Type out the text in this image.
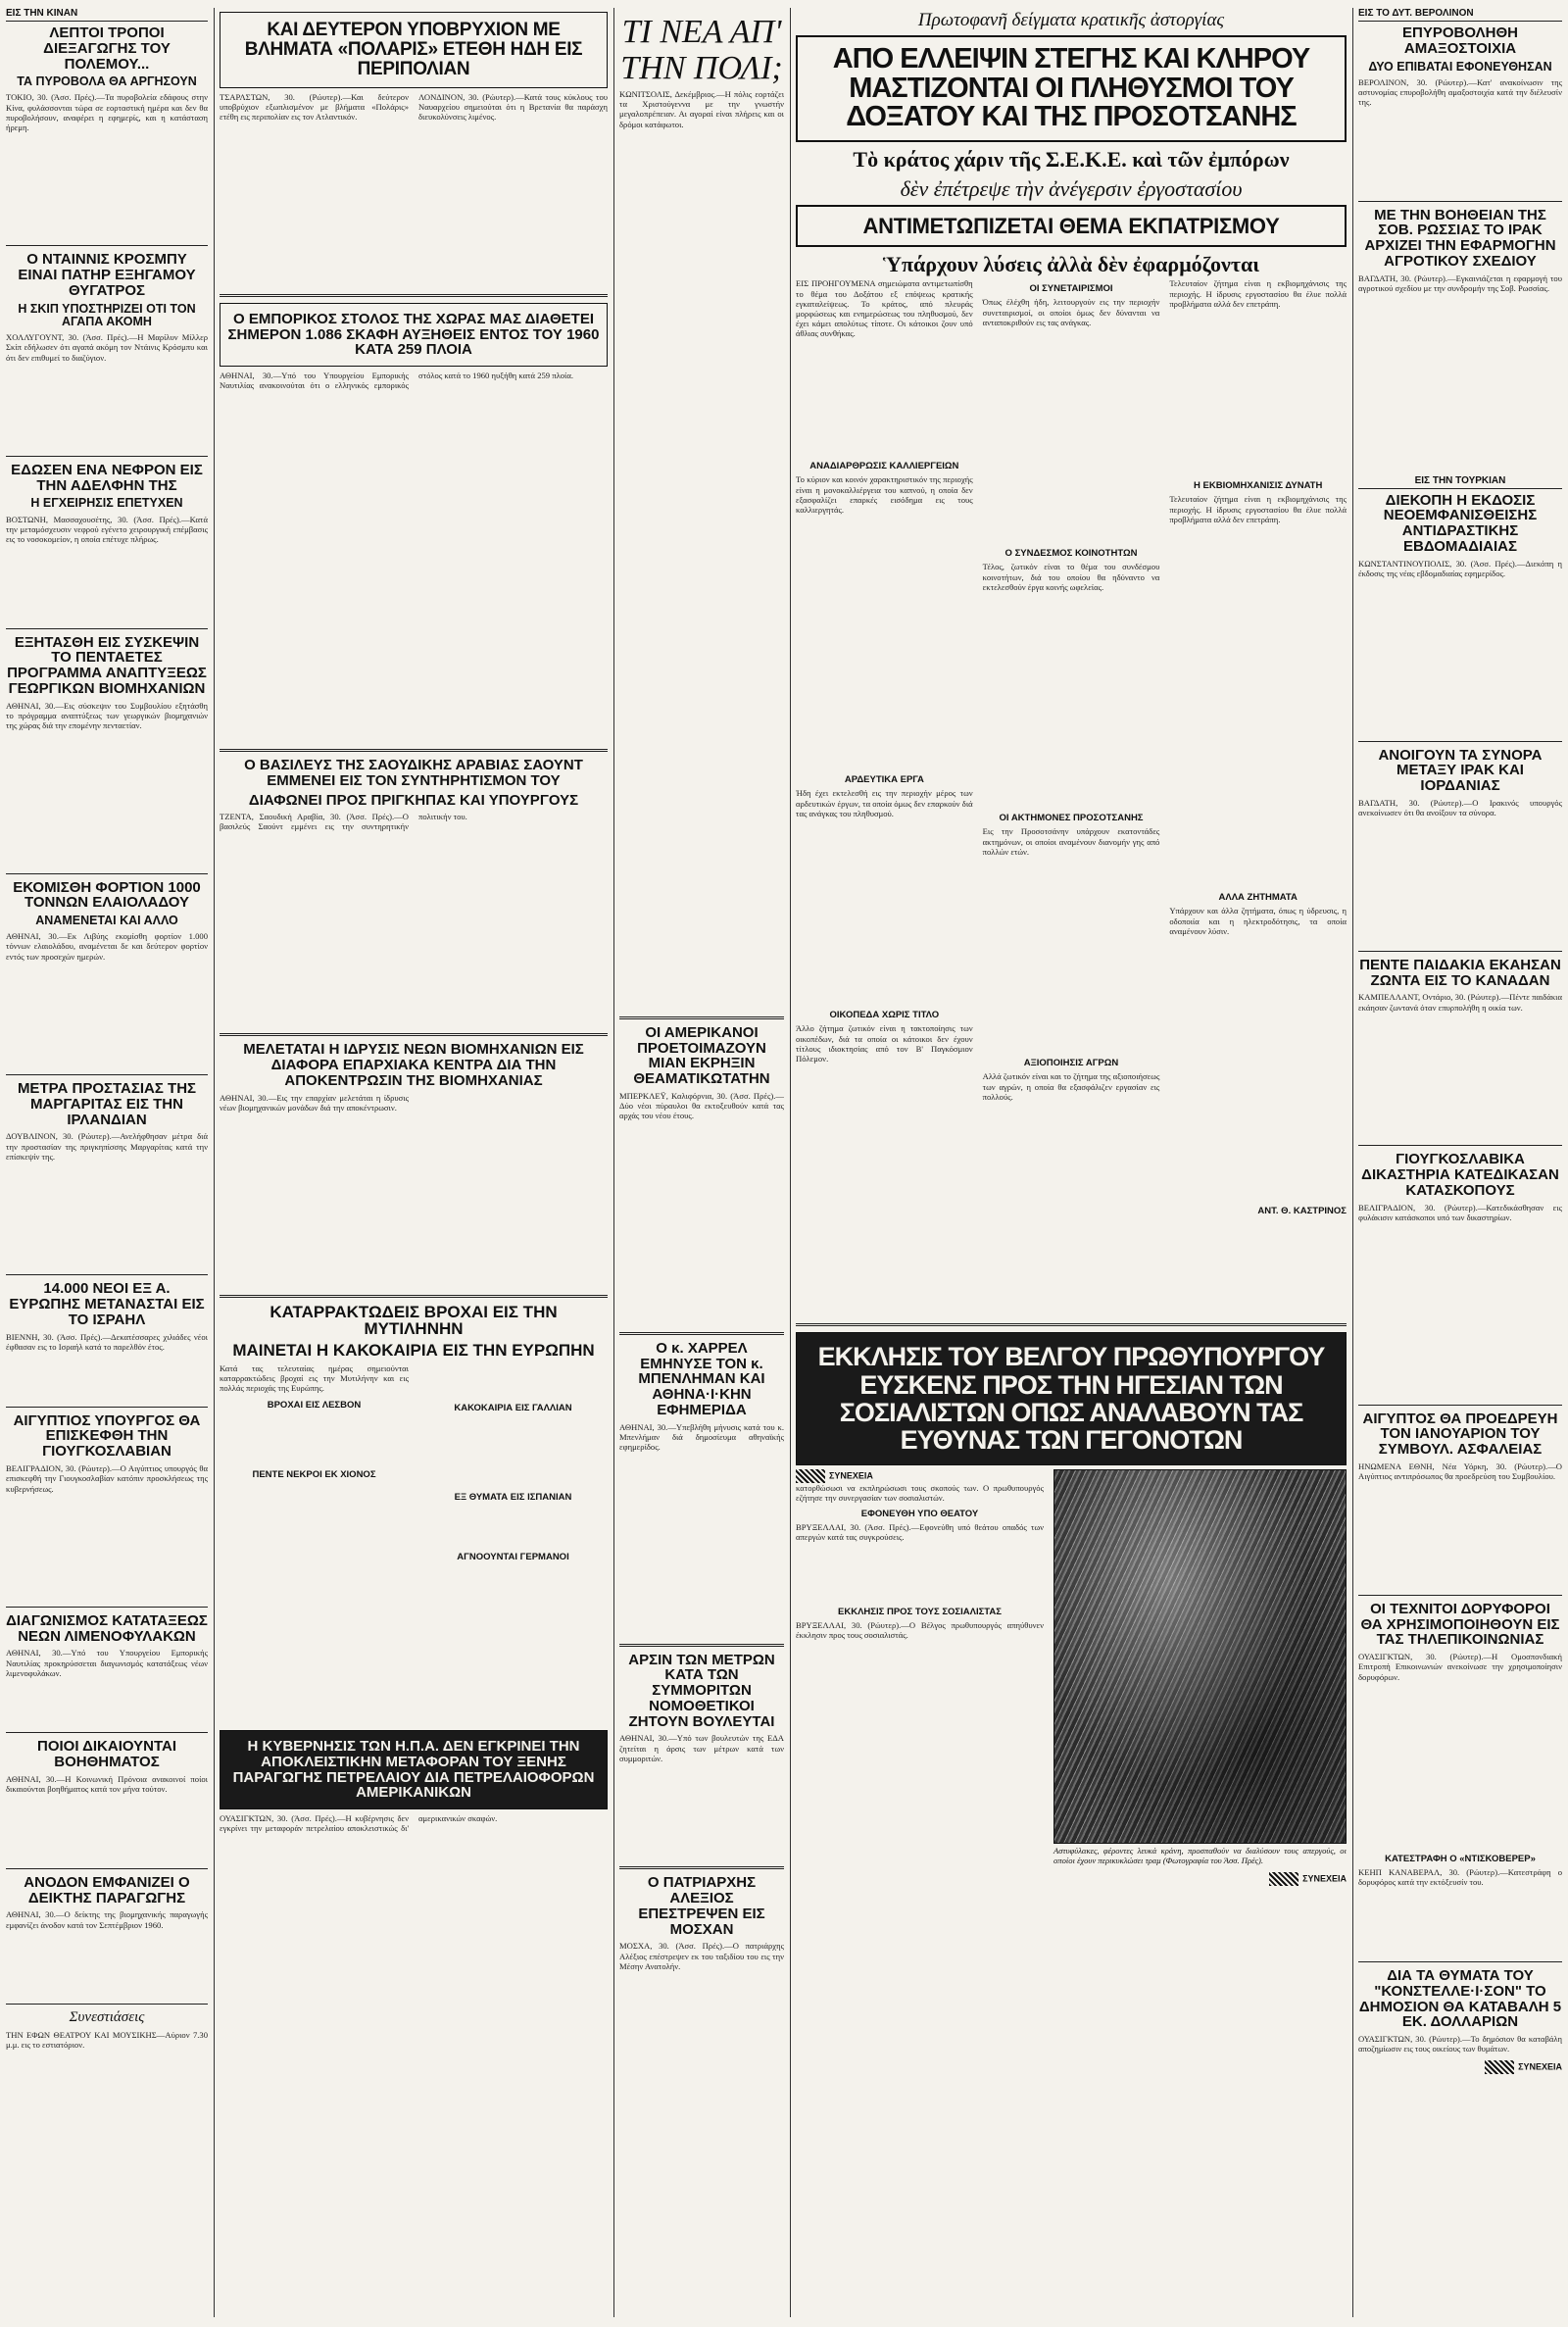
ΕΙΣ ΤΗΝ ΚΙΝΑΝ
ΛΕΠΤΟΙ ΤΡΟΠΟΙ ΔΙΕΞΑΓΩΓΗΣ ΤΟΥ ΠΟΛΕΜΟΥ...
ΤΑ ΠΥΡΟΒΟΛΑ ΘΑ ΑΡΓΗΣΟΥΝ

ΤΟΚΙΟ, 30. (Άσσ. Πρές).—Τα πυροβολεία εδάφους στην Κίνα, φυλάσσονται τώρα σε εορταστική ημέρα και δεν θα πυροβολήσουν, αναφέρει η εφημερίς, και η κατάσταση ήρεμη.

Ο ΝΤΑΙΝΝΙΣ ΚΡΟΣΜΠΥ ΕΙΝΑΙ ΠΑΤΗΡ ΕΞΗΓΑΜΟΥ ΘΥΓΑΤΡΟΣ
Η ΣΚΙΠ ΥΠΟΣΤΗΡΙΖΕΙ ΟΤΙ ΤΟΝ ΑΓΑΠΑ ΑΚΟΜΗ

ΧΟΛΛΥΓΟΥΝΤ, 30. (Άσσ. Πρές).—Η Μαρίλυν Μίλλερ Σκίπ εδήλωσεν ότι αγαπά ακόμη τον Ντάινις Κρόσμπυ και ότι δεν επιθυμεί το διαζύγιον.

ΕΔΩΣΕΝ ΕΝΑ ΝΕΦΡΟΝ ΕΙΣ ΤΗΝ ΑΔΕΛΦΗΝ ΤΗΣ
Η ΕΓΧΕΙΡΗΣΙΣ ΕΠΕΤΥΧΕΝ

ΒΟΣΤΩΝΗ, Μασσαχουσέτης, 30. (Άσσ. Πρές).—Κατά την μεταμόσχευσιν νεφρού εγένετο χειρουργική επέμβασις εις το νοσοκομείον, η οποία επέτυχε πλήρως.

ΕΞΗΤΑΣΘΗ ΕΙΣ ΣΥΣΚΕΨΙΝ ΤΟ ΠΕΝΤΑΕΤΕΣ ΠΡΟΓΡΑΜΜΑ ΑΝΑΠΤΥΞΕΩΣ ΓΕΩΡΓΙΚΩΝ ΒΙΟΜΗΧΑΝΙΩΝ

ΑΘΗΝΑΙ, 30.—Εις σύσκεψιν του Συμβουλίου εξητάσθη το πρόγραμμα αναπτύξεως των γεωργικών βιομηχανιών της χώρας διά την επομένην πενταετίαν.

ΕΚΟΜΙΣΘΗ ΦΟΡΤΙΟΝ 1000 ΤΟΝΝΩΝ ΕΛΑΙΟΛΑΔΟΥ
ΑΝΑΜΕΝΕΤΑΙ ΚΑΙ ΑΛΛΟ

ΑΘΗΝΑΙ, 30.—Εκ Λιβύης εκομίσθη φορτίον 1.000 τόννων ελαιολάδου, αναμένεται δε και δεύτερον φορτίον εντός των προσεχών ημερών.

ΜΕΤΡΑ ΠΡΟΣΤΑΣΙΑΣ ΤΗΣ ΜΑΡΓΑΡΙΤΑΣ ΕΙΣ ΤΗΝ ΙΡΛΑΝΔΙΑΝ

ΔΟΥΒΛΙΝΟΝ, 30. (Ρώυτερ).—Ανελήφθησαν μέτρα διά την προστασίαν της πριγκηπίσσης Μαργαρίτας κατά την επίσκεψίν της.

14.000 ΝΕΟΙ ΕΞ Α. ΕΥΡΩΠΗΣ ΜΕΤΑΝΑΣΤΑΙ ΕΙΣ ΤΟ ΙΣΡΑΗΛ

ΒΙΕΝΝΗ, 30. (Άσσ. Πρές).—Δεκατέσσαρες χιλιάδες νέοι έφθασαν εις το Ισραήλ κατά το παρελθόν έτος.

ΑΙΓΥΠΤΙΟΣ ΥΠΟΥΡΓΟΣ ΘΑ ΕΠΙΣΚΕΦΘΗ ΤΗΝ ΓΙΟΥΓΚΟΣΛΑΒΙΑΝ

ΒΕΛΙΓΡΑΔΙΟΝ, 30. (Ρώυτερ).—Ο Αιγύπτιος υπουργός θα επισκεφθή την Γιουγκοσλαβίαν κατόπιν προσκλήσεως της κυβερνήσεως.

ΔΙΑΓΩΝΙΣΜΟΣ ΚΑΤΑΤΑΞΕΩΣ ΝΕΩΝ ΛΙΜΕΝΟΦΥΛΑΚΩΝ

ΑΘΗΝΑΙ, 30.—Υπό του Υπουργείου Εμπορικής Ναυτιλίας προκηρύσσεται διαγωνισμός κατατάξεως νέων λιμενοφυλάκων.

ΠΟΙΟΙ ΔΙΚΑΙΟΥΝΤΑΙ ΒΟΗΘΗΜΑΤΟΣ

ΑΘΗΝΑΙ, 30.—Η Κοινωνική Πρόνοια ανακοινοί ποίοι δικαιούνται βοηθήματος κατά τον μήνα τούτον.

ΑΝΟΔΟΝ ΕΜΦΑΝΙΖΕΙ Ο ΔΕΙΚΤΗΣ ΠΑΡΑΓΩΓΗΣ

ΑΘΗΝΑΙ, 30.—Ο δείκτης της βιομηχανικής παραγωγής εμφανίζει άνοδον κατά τον Σεπτέμβριον 1960.

Συνεστιάσεις

ΤΗΝ ΕΦΩΝ ΘΕΑΤΡΟΥ ΚΑΙ ΜΟΥΣΙΚΗΣ—Αύριον 7.30 μ.μ. εις το εστιατόριον.

ΚΑΙ ΔΕΥΤΕΡΟΝ ΥΠΟΒΡΥΧΙΟΝ ΜΕ ΒΛΗΜΑΤΑ «ΠΟΛΑΡΙΣ» ΕΤΕΘΗ ΗΔΗ ΕΙΣ ΠΕΡΙΠΟΛΙΑΝ

ΤΣΑΡΛΣΤΩΝ, 30. (Ρώυτερ).—Και δεύτερον υποβρύχιον εξωπλισμένον με βλήματα «Πολάρις» ετέθη εις περιπολίαν εις τον Ατλαντικόν.

ΛΟΝΔΙΝΟΝ, 30. (Ρώυτερ).—Κατά τους κύκλους του Ναυαρχείου σημειούται ότι η Βρετανία θα παράσχη διευκολύνσεις λιμένος.

Ο ΕΜΠΟΡΙΚΟΣ ΣΤΟΛΟΣ ΤΗΣ ΧΩΡΑΣ ΜΑΣ ΔΙΑΘΕΤΕΙ ΣΗΜΕΡΟΝ 1.086 ΣΚΑΦΗ ΑΥΞΗΘΕΙΣ ΕΝΤΟΣ ΤΟΥ 1960 ΚΑΤΑ 259 ΠΛΟΙΑ

ΑΘΗΝΑΙ, 30.—Υπό του Υπουργείου Εμπορικής Ναυτιλίας ανακοινούται ότι ο ελληνικός εμπορικός στόλος κατά το 1960 ηυξήθη κατά 259 πλοία.

Ο ΒΑΣΙΛΕΥΣ ΤΗΣ ΣΑΟΥΔΙΚΗΣ ΑΡΑΒΙΑΣ ΣΑΟΥΝΤ ΕΜΜΕΝΕΙ ΕΙΣ ΤΟΝ ΣΥΝΤΗΡΗΤΙΣΜΟΝ ΤΟΥ
ΔΙΑΦΩΝΕΙ ΠΡΟΣ ΠΡΙΓΚΗΠΑΣ ΚΑΙ ΥΠΟΥΡΓΟΥΣ

ΤΖΕΝΤΑ, Σαουδική Αραβία, 30. (Άσσ. Πρές).—Ο βασιλεύς Σαούντ εμμένει εις την συντηρητικήν πολιτικήν του.

ΜΕΛΕΤΑΤΑΙ Η ΙΔΡΥΣΙΣ ΝΕΩΝ ΒΙΟΜΗΧΑΝΙΩΝ ΕΙΣ ΔΙΑΦΟΡΑ ΕΠΑΡΧΙΑΚΑ ΚΕΝΤΡΑ ΔΙΑ ΤΗΝ ΑΠΟΚΕΝΤΡΩΣΙΝ ΤΗΣ ΒΙΟΜΗΧΑΝΙΑΣ

ΑΘΗΝΑΙ, 30.—Εις την επαρχίαν μελετάται η ίδρυσις νέων βιομηχανικών μονάδων διά την αποκέντρωσιν.

ΚΑΤΑΡΡΑΚΤΩΔΕΙΣ ΒΡΟΧΑΙ ΕΙΣ ΤΗΝ ΜΥΤΙΛΗΝΗΝ
ΜΑΙΝΕΤΑΙ Η ΚΑΚΟΚΑΙΡΙΑ ΕΙΣ ΤΗΝ ΕΥΡΩΠΗΝ

Κατά τας τελευταίας ημέρας σημειούνται καταρρακτώδεις βροχαί εις την Μυτιλήνην και εις πολλάς περιοχάς της Ευρώπης.

ΒΡΟΧΑΙ ΕΙΣ ΛΕΣΒΟΝ
ΠΕΝΤΕ ΝΕΚΡΟΙ ΕΚ ΧΙΟΝΟΣ
ΚΑΚΟΚΑΙΡΙΑ ΕΙΣ ΓΑΛΛΙΑΝ
ΕΞ ΘΥΜΑΤΑ ΕΙΣ ΙΣΠΑΝΙΑΝ
ΑΓΝΟΟΥΝΤΑΙ ΓΕΡΜΑΝΟΙ
Η ΚΥΒΕΡΝΗΣΙΣ ΤΩΝ Η.Π.Α. ΔΕΝ ΕΓΚΡΙΝΕΙ ΤΗΝ ΑΠΟΚΛΕΙΣΤΙΚΗΝ ΜΕΤΑΦΟΡΑΝ ΤΟΥ ΞΕΝΗΣ ΠΑΡΑΓΩΓΗΣ ΠΕΤΡΕΛΑΙΟΥ ΔΙΑ ΠΕΤΡΕΛΑΙΟΦΟΡΩΝ ΑΜΕΡΙΚΑΝΙΚΩΝ

ΟΥΑΣΙΓΚΤΩΝ, 30. (Άσσ. Πρές).—Η κυβέρνησις δεν εγκρίνει την μεταφοράν πετρελαίου αποκλειστικώς δι' αμερικανικών σκαφών.

ΤΙ ΝΕΑ ΑΠ' ΤΗΝ ΠΟΛΙ;

ΚΩΝΙΤΣΟΛΙΣ, Δεκέμβριος.—Η πόλις εορτάζει τα Χριστούγεννα με την γνωστήν μεγαλοπρέπειαν. Αι αγοραί είναι πλήρεις και οι δρόμοι κατάφωτοι.

ΟΙ ΑΜΕΡΙΚΑΝΟΙ ΠΡΟΕΤΟΙΜΑΖΟΥΝ ΜΙΑΝ ΕΚΡΗΞΙΝ ΘΕΑΜΑΤΙΚΩΤΑΤΗΝ

ΜΠΕΡΚΛΕΫ, Καλιφόρνια, 30. (Άσσ. Πρές).—Δύο νέοι πύραυλοι θα εκτοξευθούν κατά τας αρχάς του νέου έτους.

Ο κ. ΧΑΡΡΕΛ ΕΜΗΝΥΣΕ ΤΟΝ κ. ΜΠΕΝΛΗΜΑΝ ΚΑΙ ΑΘΗΝΑ·Ι·ΚΗΝ ΕΦΗΜΕΡΙΔΑ

ΑΘΗΝΑΙ, 30.—Υπεβλήθη μήνυσις κατά του κ. Μπενλήμαν διά δημοσίευμα αθηναϊκής εφημερίδος.

ΑΡΣΙΝ ΤΩΝ ΜΕΤΡΩΝ ΚΑΤΑ ΤΩΝ ΣΥΜΜΟΡΙΤΩΝ ΝΟΜΟΘΕΤΙΚΟΙ ΖΗΤΟΥΝ ΒΟΥΛΕΥΤΑΙ

ΑΘΗΝΑΙ, 30.—Υπό των βουλευτών της ΕΔΑ ζητείται η άρσις των μέτρων κατά των συμμοριτών.

Ο ΠΑΤΡΙΑΡΧΗΣ ΑΛΕΞΙΟΣ ΕΠΕΣΤΡΕΨΕΝ ΕΙΣ ΜΟΣΧΑΝ

ΜΟΣΧΑ, 30. (Άσσ. Πρές).—Ο πατριάρχης Αλέξιος επέστρεψεν εκ του ταξιδίου του εις την Μέσην Ανατολήν.

Πρωτοφανῆ δείγματα κρατικῆς ἀστοργίας
ΑΠΟ ΕΛΛΕΙΨΙΝ ΣΤΕΓΗΣ ΚΑΙ ΚΛΗΡΟΥ ΜΑΣΤΙΖΟΝΤΑΙ ΟΙ ΠΛΗΘΥΣΜΟΙ ΤΟΥ ΔΟΞΑΤΟΥ ΚΑΙ ΤΗΣ ΠΡΟΣΟΤΣΑΝΗΣ
Τὸ κράτος χάριν τῆς Σ.Ε.Κ.Ε. καὶ τῶν ἐμπόρων
δὲν ἐπέτρεψε τὴν ἀνέγερσιν ἐργοστασίου
ΑΝΤΙΜΕΤΩΠΙΖΕΤΑΙ ΘΕΜΑ ΕΚΠΑΤΡΙΣΜΟΥ
Ὑπάρχουν λύσεις ἀλλὰ δὲν ἐφαρμόζονται

ΕΙΣ ΠΡΟΗΓΟΥΜΕΝΑ σημειώματα αντιμετωπίσθη το θέμα του Δοξάτου εξ επόψεως κρατικής εγκαταλείψεως. Το κράτος, από πλευράς μορφώσεως και ενημερώσεως του πληθυσμού, δεν έχει κάμει απολύτως τίποτε. Οι κάτοικοι ζουν υπό άθλιας συνθήκας.

ΑΝΑΔΙΑΡΘΡΩΣΙΣ ΚΑΛΛΙΕΡΓΕΙΩΝ

Το κύριον και κοινόν χαρακτηριστικόν της περιοχής είναι η μονοκαλλιέργεια του καπνού, η οποία δεν εξασφαλίζει επαρκές εισόδημα εις τους καλλιεργητάς.

ΑΡΔΕΥΤΙΚΑ ΕΡΓΑ

Ήδη έχει εκτελεσθή εις την περιοχήν μέρος των αρδευτικών έργων, τα οποία όμως δεν επαρκούν διά τας ανάγκας του πληθυσμού.

ΟΙΚΟΠΕΔΑ ΧΩΡΙΣ ΤΙΤΛΟ

Άλλο ζήτημα ζωτικόν είναι η τακτοποίησις των οικοπέδων, διά τα οποία οι κάτοικοι δεν έχουν τίτλους ιδιοκτησίας από τον Β' Παγκόσμιον Πόλεμον.

ΟΙ ΣΥΝΕΤΑΙΡΙΣΜΟΙ

Όπως έλέχθη ήδη, λειτουργούν εις την περιοχήν συνεταιρισμοί, οι οποίοι όμως δεν δύνανται να ανταποκριθούν εις τας ανάγκας.

Ο ΣΥΝΔΕΣΜΟΣ ΚΟΙΝΟΤΗΤΩΝ

Τέλος, ζωτικόν είναι το θέμα του συνδέσμου κοινοτήτων, διά του οποίου θα ηδύναντο να εκτελεσθούν έργα κοινής ωφελείας.

ΟΙ ΑΚΤΗΜΟΝΕΣ ΠΡΟΣΟΤΣΑΝΗΣ

Εις την Προσοτσάνην υπάρχουν εκατοντάδες ακτημόνων, οι οποίοι αναμένουν διανομήν γης από πολλών ετών.

ΑΞΙΟΠΟΙΗΣΙΣ ΑΓΡΩΝ

Αλλά ζωτικόν είναι και το ζήτημα της αξιοποιήσεως των αγρών, η οποία θα εξασφάλιζεν εργασίαν εις πολλούς.

Τελευταίον ζήτημα είναι η εκβιομηχάνισις της περιοχής. Η ίδρυσις εργοστασίου θα έλυε πολλά προβλήματα αλλά δεν επετράπη.

Η ΕΚΒΙΟΜΗΧΑΝΙΣΙΣ ΔΥΝΑΤΗ

Τελευταίον ζήτημα είναι η εκβιομηχάνισις της περιοχής. Η ίδρυσις εργοστασίου θα έλυε πολλά προβλήματα αλλά δεν επετράπη.

ΑΛΛΑ ΖΗΤΗΜΑΤΑ

Υπάρχουν και άλλα ζητήματα, όπως η ύδρευσις, η οδοποιία και η ηλεκτροδότησις, τα οποία αναμένουν λύσιν.

ΑΝΤ. Θ. ΚΑΣΤΡΙΝΟΣ
ΕΚΚΛΗΣΙΣ ΤΟΥ ΒΕΛΓΟΥ ΠΡΩΘΥΠΟΥΡΓΟΥ ΕΥΣΚΕΝΣ ΠΡΟΣ ΤΗΝ ΗΓΕΣΙΑΝ ΤΩΝ ΣΟΣΙΑΛΙΣΤΩΝ ΟΠΩΣ ΑΝΑΛΑΒΟΥΝ ΤΑΣ ΕΥΘΥΝΑΣ ΤΩΝ ΓΕΓΟΝΟΤΩΝ
ΣΥΝΕΧΕΙΑ

κατορθώσωσι να εκπληρώσωσι τους σκοπούς των. Ο πρωθυπουργός εζήτησε την συνεργασίαν των σοσιαλιστών.

ΕΦΟΝΕΥΘΗ ΥΠΟ ΘΕΑΤΟΥ

ΒΡΥΞΕΛΛΑΙ, 30. (Άσσ. Πρές).—Εφονεύθη υπό θεάτου οπαδός των απεργών κατά τας συγκρούσεις.

ΕΚΚΛΗΣΙΣ ΠΡΟΣ ΤΟΥΣ ΣΟΣΙΑΛΙΣΤΑΣ

ΒΡΥΞΕΛΛΑΙ, 30. (Ρώυτερ).—Ο Βέλγος πρωθυπουργός απηύθυνεν έκκλησιν προς τους σοσιαλιστάς.

Αστυφύλακες, φέροντες λευκά κράνη, προσπαθούν να διαλύσουν τους απεργούς, οι οποίοι έχουν περικυκλώσει τραμ (Φωτογραφία του Άσσ. Πρές).

ΣΥΝΕΧΕΙΑ
ΕΙΣ ΤΟ ΔΥΤ. ΒΕΡΟΛΙΝΟΝ
ΕΠΥΡΟΒΟΛΗΘΗ ΑΜΑΞΟΣΤΟΙΧΙΑ
ΔΥΟ ΕΠΙΒΑΤΑΙ ΕΦΟΝΕΥΘΗΣΑΝ

ΒΕΡΟΛΙΝΟΝ, 30. (Ρώυτερ).—Κατ' ανακοίνωσιν της αστυνομίας επυροβολήθη αμαξοστοιχία κατά την διέλευσίν της.

ΜΕ ΤΗΝ ΒΟΗΘΕΙΑΝ ΤΗΣ ΣΟΒ. ΡΩΣΣΙΑΣ ΤΟ ΙΡΑΚ ΑΡΧΙΖΕΙ ΤΗΝ ΕΦΑΡΜΟΓΗΝ ΑΓΡΟΤΙΚΟΥ ΣΧΕΔΙΟΥ

ΒΑΓΔΑΤΗ, 30. (Ρώυτερ).—Εγκαινιάζεται η εφαρμογή του αγροτικού σχεδίου με την συνδρομήν της Σοβ. Ρωσσίας.

ΕΙΣ ΤΗΝ ΤΟΥΡΚΙΑΝ
ΔΙΕΚΟΠΗ Η ΕΚΔΟΣΙΣ ΝΕΟΕΜΦΑΝΙΣΘΕΙΣΗΣ ΑΝΤΙΔΡΑΣΤΙΚΗΣ ΕΒΔΟΜΑΔΙΑΙΑΣ

ΚΩΝΣΤΑΝΤΙΝΟΥΠΟΛΙΣ, 30. (Άσσ. Πρές).—Διεκόπη η έκδοσις της νέας εβδομαδιαίας εφημερίδος.

ΑΝΟΙΓΟΥΝ ΤΑ ΣΥΝΟΡΑ ΜΕΤΑΞΥ ΙΡΑΚ ΚΑΙ ΙΟΡΔΑΝΙΑΣ

ΒΑΓΔΑΤΗ, 30. (Ρώυτερ).—Ο Ιρακινός υπουργός ανεκοίνωσεν ότι θα ανοίξουν τα σύνορα.

ΠΕΝΤΕ ΠΑΙΔΑΚΙΑ ΕΚΑΗΣΑΝ ΖΩΝΤΑ ΕΙΣ ΤΟ ΚΑΝΑΔΑΝ

ΚΑΜΠΕΛΛΑΝΤ, Οντάριο, 30. (Ρώυτερ).—Πέντε παιδάκια εκάησαν ζωντανά όταν επυρπολήθη η οικία των.

ΓΙΟΥΓΚΟΣΛΑΒΙΚΑ ΔΙΚΑΣΤΗΡΙΑ ΚΑΤΕΔΙΚΑΣΑΝ ΚΑΤΑΣΚΟΠΟΥΣ

ΒΕΛΙΓΡΑΔΙΟΝ, 30. (Ρώυτερ).—Κατεδικάσθησαν εις φυλάκισιν κατάσκοποι υπό των δικαστηρίων.

ΑΙΓΥΠΤΟΣ ΘΑ ΠΡΟΕΔΡΕΥΗ ΤΟΝ ΙΑΝΟΥΑΡΙΟΝ ΤΟΥ ΣΥΜΒΟΥΛ. ΑΣΦΑΛΕΙΑΣ

ΗΝΩΜΕΝΑ ΕΘΝΗ, Νέα Υόρκη, 30. (Ρώυτερ).—Ο Αιγύπτιος αντιπρόσωπος θα προεδρεύση του Συμβουλίου.

ΟΙ ΤΕΧΝΙΤΟΙ ΔΟΡΥΦΟΡΟΙ ΘΑ ΧΡΗΣΙΜΟΠΟΙΗΘΟΥΝ ΕΙΣ ΤΑΣ ΤΗΛΕΠΙΚΟΙΝΩΝΙΑΣ

ΟΥΑΣΙΓΚΤΩΝ, 30. (Ρώυτερ).—Η Ομοσπονδιακή Επιτροπή Επικοινωνιών ανεκοίνωσε την χρησιμοποίησιν δορυφόρων.

ΚΑΤΕΣΤΡΑΦΗ Ο «ΝΤΙΣΚΟΒΕΡΕΡ»

ΚΕΗΠ ΚΑΝΑΒΕΡΑΛ, 30. (Ρώυτερ).—Κατεστράφη ο δορυφόρος κατά την εκτόξευσίν του.

ΔΙΑ ΤΑ ΘΥΜΑΤΑ ΤΟΥ "ΚΟΝΣΤΕΛΛΕ·Ι·ΣΟΝ" ΤΟ ΔΗΜΟΣΙΟΝ ΘΑ ΚΑΤΑΒΑΛΗ 5 ΕΚ. ΔΟΛΛΑΡΙΩΝ

ΟΥΑΣΙΓΚΤΩΝ, 30. (Ρώυτερ).—Το δημόσιον θα καταβάλη αποζημίωσιν εις τους οικείους των θυμάτων.

ΣΥΝΕΧΕΙΑ
